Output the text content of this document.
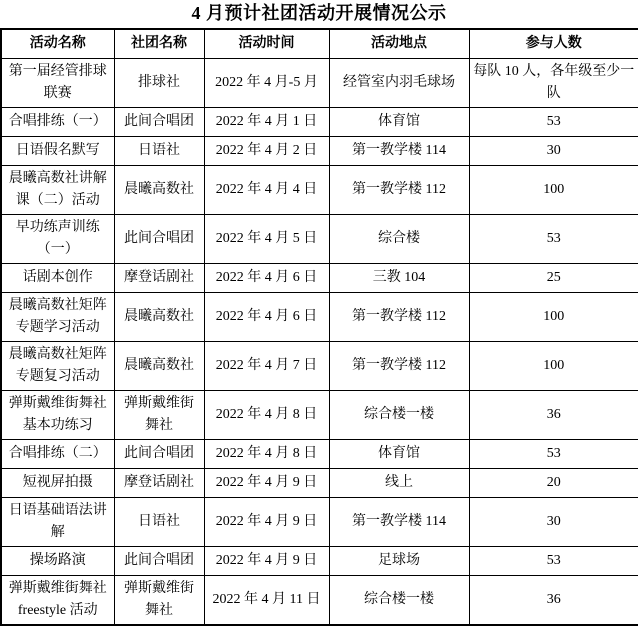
4 月预计社团活动开展情况公示
活动名称	社团名称	活动时间	活动地点	参与人数
第一届经管排球联赛	排球社	2022 年 4 月-5 月	经管室内羽毛球场	每队 10 人，各年级至少一队
合唱排练（一）	此间合唱团	2022 年 4 月 1 日	体育馆	53
日语假名默写	日语社	2022 年 4 月 2 日	第一教学楼 114	30
晨曦高数社讲解课（二）活动	晨曦高数社	2022 年 4 月 4 日	第一教学楼 112	100
早功练声训练（一）	此间合唱团	2022 年 4 月 5 日	综合楼	53
话剧本创作	摩登话剧社	2022 年 4 月 6 日	三教 104	25
晨曦高数社矩阵专题学习活动	晨曦高数社	2022 年 4 月 6 日	第一教学楼 112	100
晨曦高数社矩阵专题复习活动	晨曦高数社	2022 年 4 月 7 日	第一教学楼 112	100
弹斯戴维街舞社基本功练习	弹斯戴维街舞社	2022 年 4 月 8 日	综合楼一楼	36
合唱排练（二）	此间合唱团	2022 年 4 月 8 日	体育馆	53
短视屏拍摄	摩登话剧社	2022 年 4 月 9 日	线上	20
日语基础语法讲解	日语社	2022 年 4 月 9 日	第一教学楼 114	30
操场路演	此间合唱团	2022 年 4 月 9 日	足球场	53
弹斯戴维街舞社 freestyle 活动	弹斯戴维街舞社	2022 年 4 月 11 日	综合楼一楼	36
